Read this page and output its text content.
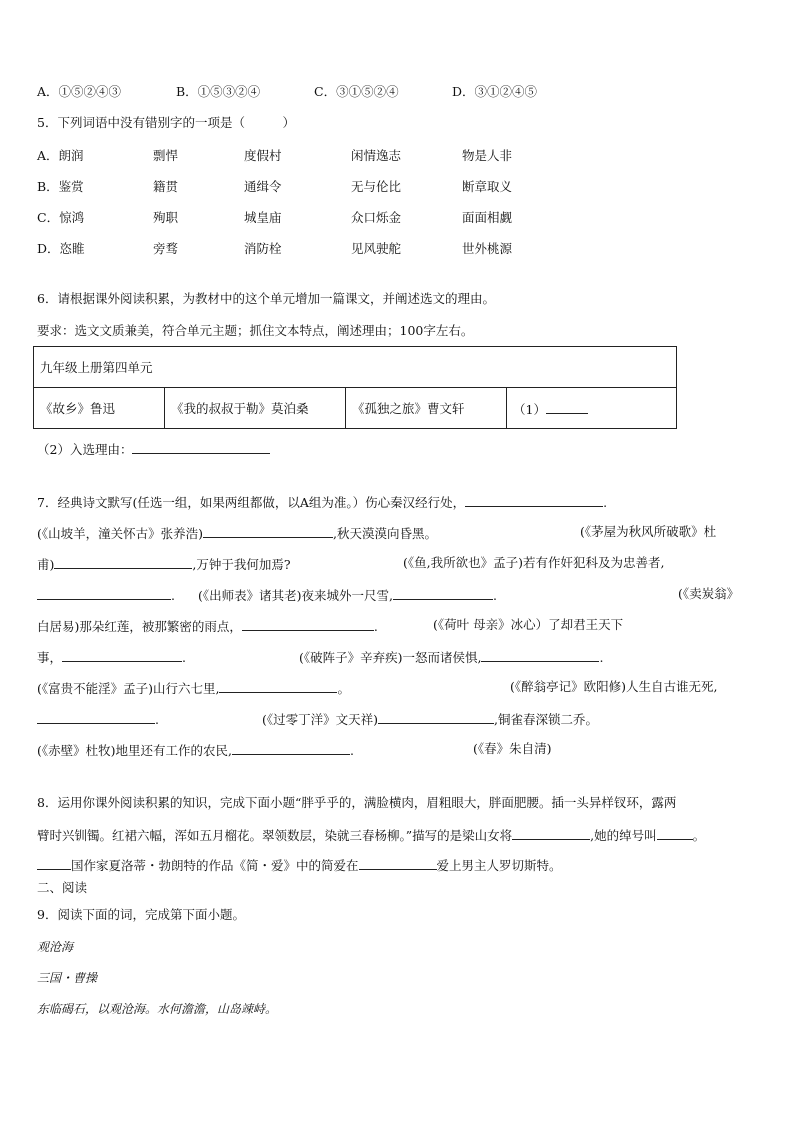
A．①⑤②④③	B．①⑤③②④	C．③①⑤②④	D．③①②④⑤
5．下列词语中没有错别字的一项是（　　　）
A．朗润	剽悍	度假村	闲情逸志	物是人非
B．鉴赏	籍贯	通缉令	无与伦比	断章取义
C．惊鸿	殉职	城皇庙	众口烁金	面面相觑
D．恣睢	旁骛	消防栓	见风驶舵	世外桃源
6．请根据课外阅读积累，为教材中的这个单元增加一篇课文，并阐述选文的理由。
要求：选文文质兼美，符合单元主题；抓住文本特点，阐述理由；100字左右。
九年级上册第四单元
《故乡》鲁迅	《我的叔叔于勒》莫泊桑	《孤独之旅》曹文轩	（1）
（2）入选理由：
7．经典诗文默写(任选一组，如果两组都做，以A组为准。）伤心秦汉经行处，	.
(《山坡羊，潼关怀古》张养浩)	,秋天漠漠向昏黑。	(《茅屋为秋风所破歌》杜
甫)	,万钟于我何加焉?	(《鱼,我所欲也》孟子)若有作奸犯科及为忠善者,
. (《出师表》诸其老)夜来城外一尺雪,	.	(《卖炭翁》
白居易)那朵红莲，被那繁密的雨点，	.	(《荷叶 母亲》冰心）了却君王天下
事，	.	(《破阵子》辛弃疾)一怒而诸侯惧,	.
(《富贵不能淫》孟子)山行六七里,	。	(《醉翁亭记》欧阳修)人生自古谁无死,
.	(《过零丁洋》文天祥)	,铜雀春深锁二乔。
(《赤壁》杜牧)地里还有工作的农民,	.	(《春》朱自清)
8．运用你课外阅读积累的知识，完成下面小题“胖乎乎的，满脸横肉，眉粗眼大，胖面肥腰。插一头异样钗环，露两
臂时兴钏镯。红裙六幅，浑如五月榴花。翠领数层，染就三春杨柳。”描写的是梁山女将	,她的绰号叫	。
国作家夏洛蒂・勃朗特的作品《简・爱》中的简爱在	爱上男主人罗切斯特。
二、阅读
9．阅读下面的词，完成第下面小题。
观沧海
三国・曹操
东临碣石，以观沧海。水何澹澹，山岛竦峙。
